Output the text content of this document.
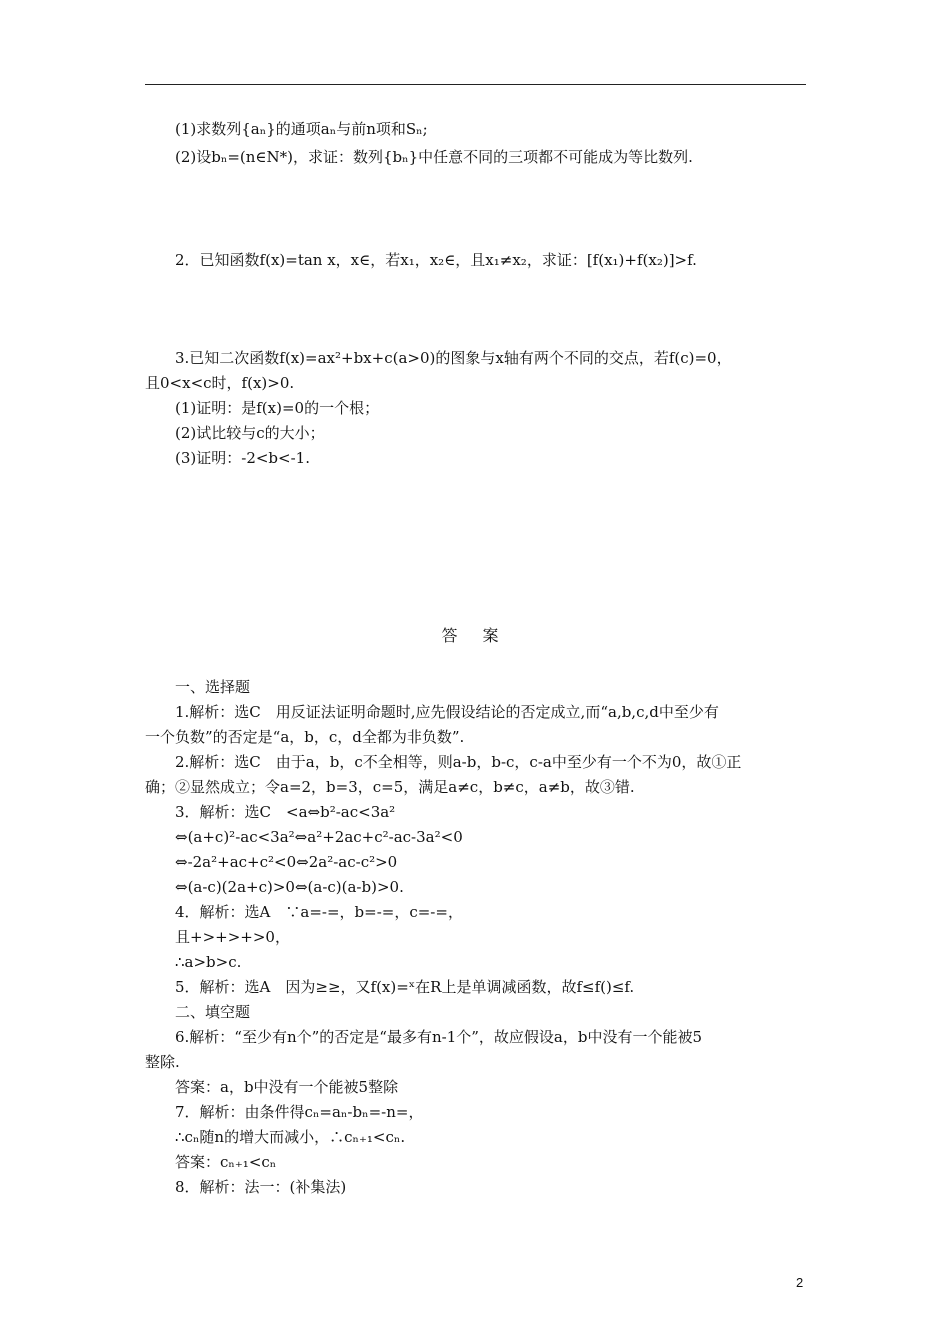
(1)求数列{aₙ}的通项aₙ与前n项和Sₙ;
(2)设bₙ=(n∈N*)，求证：数列{bₙ}中任意不同的三项都不可能成为等比数列.
2．已知函数f(x)=tan x，x∈，若x₁，x₂∈，且x₁≠x₂，求证：[f(x₁)+f(x₂)]>f.
3.已知二次函数f(x)=ax²+bx+c(a>0)的图象与x轴有两个不同的交点，若f(c)=0，
且0<x<c时，f(x)>0.
(1)证明：是f(x)=0的一个根；
(2)试比较与c的大小；
(3)证明：-2<b<-1.
答 案
一、选择题
1.解析：选C　用反证法证明命题时,应先假设结论的否定成立,而“a,b,c,d中至少有
一个负数”的否定是“a，b，c，d全都为非负数”.
2.解析：选C　由于a，b，c不全相等，则a-b，b-c，c-a中至少有一个不为0，故①正
确；②显然成立；令a=2，b=3，c=5，满足a≠c，b≠c，a≠b，故③错.
3．解析：选C　<a⇔b²-ac<3a²
⇔(a+c)²-ac<3a²⇔a²+2ac+c²-ac-3a²<0
⇔-2a²+ac+c²<0⇔2a²-ac-c²>0
⇔(a-c)(2a+c)>0⇔(a-c)(a-b)>0.
4．解析：选A　∵a=-=，b=-=，c=-=，
且+>+>+>0，
∴a>b>c.
5．解析：选A　因为≥≥，又f(x)=ˣ在R上是单调减函数，故f≤f()≤f.
二、填空题
6.解析：“至少有n个”的否定是“最多有n-1个”，故应假设a，b中没有一个能被5
整除.
答案：a，b中没有一个能被5整除
7．解析：由条件得cₙ=aₙ-bₙ=-n=，
∴cₙ随n的增大而减小，∴cₙ₊₁<cₙ.
答案：cₙ₊₁<cₙ
8．解析：法一：(补集法)
2
